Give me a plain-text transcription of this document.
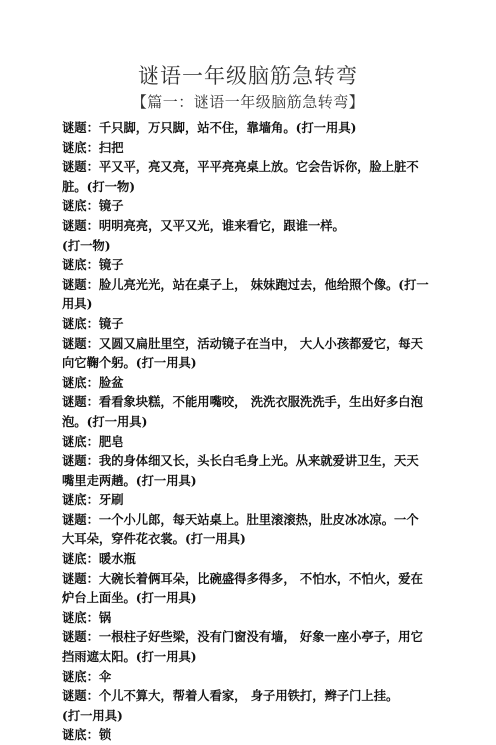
谜语一年级脑筋急转弯
【篇一：谜语一年级脑筋急转弯】
谜题：千只脚，万只脚，站不住，靠墙角。(打一用具)
谜底：扫把
谜题：平又平，亮又亮，平平亮亮桌上放。它会告诉你，脸上脏不
脏。(打一物)
谜底：镜子
谜题：明明亮亮，又平又光，谁来看它，跟谁一样。
(打一物)
谜底：镜子
谜题：脸儿亮光光，站在桌子上， 妹妹跑过去，他给照个像。(打一
用具)
谜底：镜子
谜题：又圆又扁肚里空，活动镜子在当中， 大人小孩都爱它，每天
向它鞠个躬。(打一用具)
谜底：脸盆
谜题：看看象块糕，不能用嘴咬， 洗洗衣服洗洗手，生出好多白泡
泡。(打一用具)
谜底：肥皂
谜题：我的身体细又长，头长白毛身上光。从来就爱讲卫生，天天
嘴里走两趟。(打一用具)
谜底：牙刷
谜题：一个小儿郎，每天站桌上。肚里滚滚热，肚皮冰冰凉。一个
大耳朵，穿件花衣裳。(打一用具)
谜底：暖水瓶
谜题：大碗长着俩耳朵，比碗盛得多得多， 不怕水，不怕火，爱在
炉台上面坐。(打一用具)
谜底：锅
谜题：一根柱子好些梁，没有门窗没有墙， 好象一座小亭子，用它
挡雨遮太阳。(打一用具)
谜底：伞
谜题：个儿不算大，帮着人看家， 身子用铁打，辫子门上挂。
(打一用具)
谜底：锁
